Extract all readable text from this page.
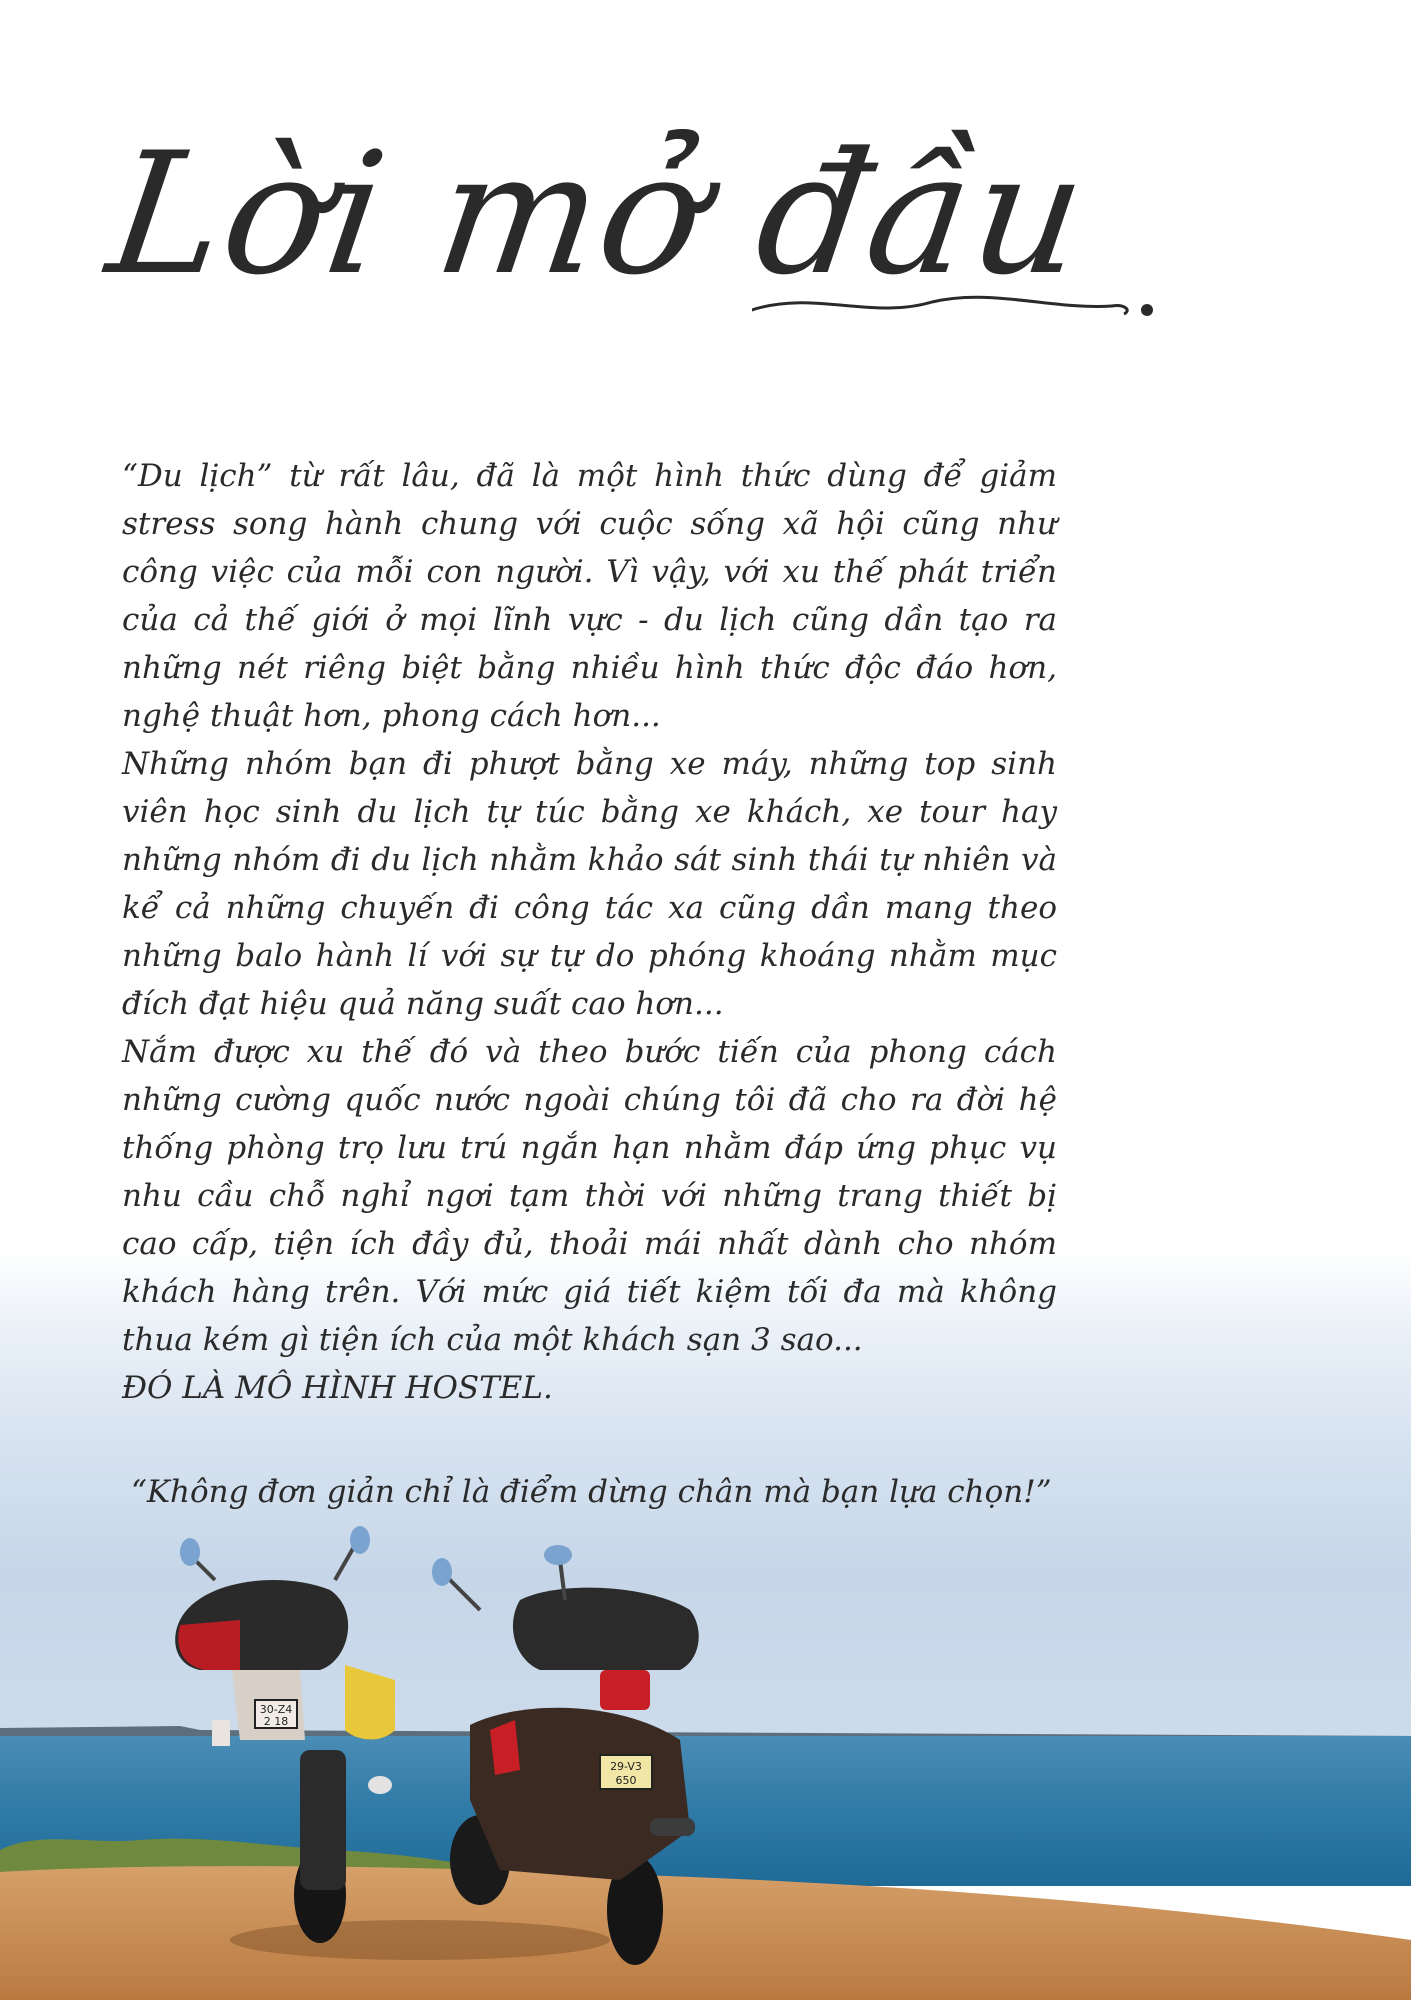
Lời mở đầu

“Du lịch” từ rất lâu, đã là một hình thức dùng để giảm stress song hành chung với cuộc sống xã hội cũng như công việc của mỗi con người. Vì vậy, với xu thế phát triển của cả thế giới ở mọi lĩnh vực - du lịch cũng dần tạo ra những nét riêng biệt bằng nhiều hình thức độc đáo hơn, nghệ thuật hơn, phong cách hơn...

Những nhóm bạn đi phượt bằng xe máy, những top sinh viên học sinh du lịch tự túc bằng xe khách, xe tour hay những nhóm đi du lịch nhằm khảo sát sinh thái tự nhiên và kể cả những chuyến đi công tác xa cũng dần mang theo những balo hành lí với sự tự do phóng khoáng nhằm mục đích đạt hiệu quả năng suất cao hơn...

Nắm được xu thế đó và theo bước tiến của phong cách những cường quốc nước ngoài chúng tôi đã cho ra đời hệ thống phòng trọ lưu trú ngắn hạn nhằm đáp ứng phục vụ nhu cầu chỗ nghỉ ngơi tạm thời với những trang thiết bị cao cấp, tiện ích đầy đủ, thoải mái nhất dành cho nhóm khách hàng trên. Với mức giá tiết kiệm tối đa mà không thua kém gì tiện ích của một khách sạn 3 sao...

ĐÓ LÀ MÔ HÌNH HOSTEL.

“Không đơn giản chỉ là điểm dừng chân mà bạn lựa chọn!”
30-Z4
2 18
29-V3
650
